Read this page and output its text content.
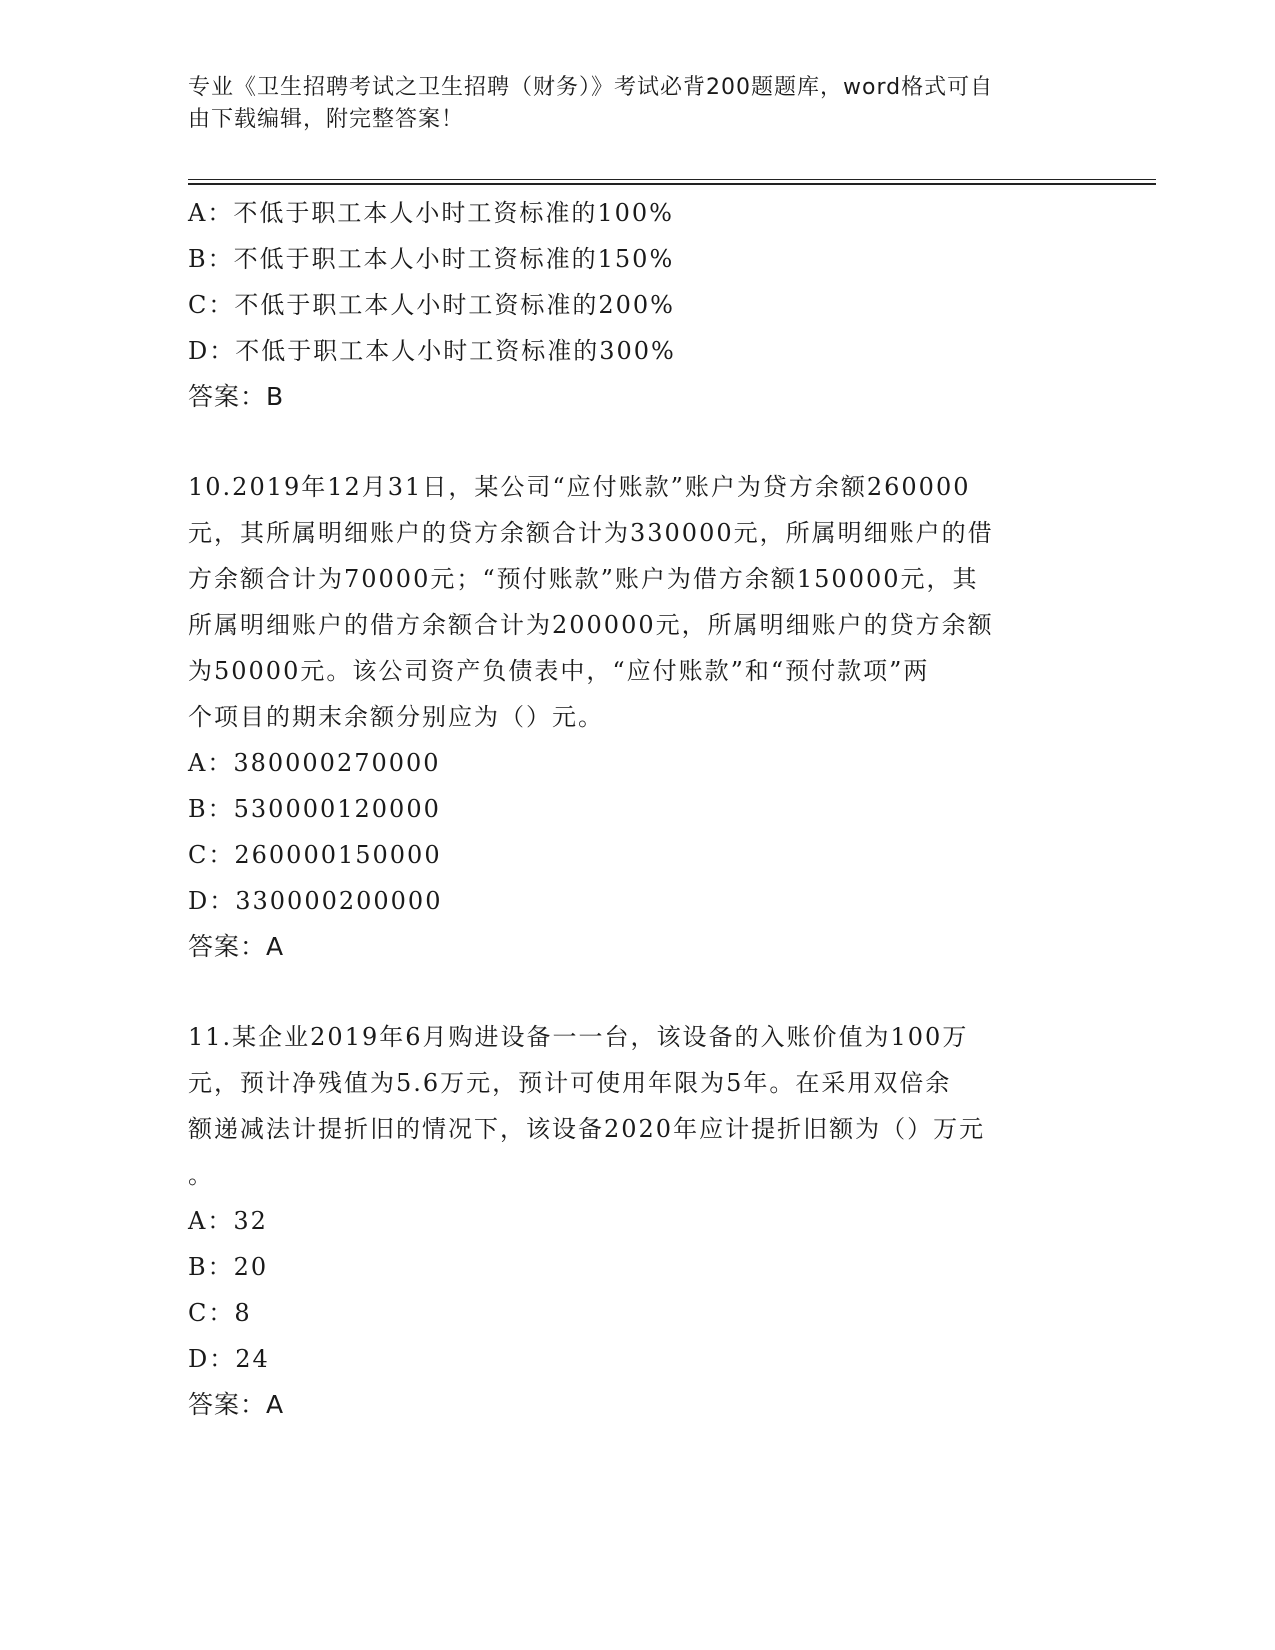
专业《卫生招聘考试之卫生招聘（财务）》考试必背200题题库，word格式可自
由下载编辑，附完整答案！
A：不低于职工本人小时工资标准的100%
B：不低于职工本人小时工资标准的150%
C：不低于职工本人小时工资标准的200%
D：不低于职工本人小时工资标准的300%
答案：B
10.2019年12月31日，某公司“应付账款”账户为贷方余额260000
元，其所属明细账户的贷方余额合计为330000元，所属明细账户的借
方余额合计为70000元；“预付账款”账户为借方余额150000元，其
所属明细账户的借方余额合计为200000元，所属明细账户的贷方余额
为50000元。该公司资产负债表中，“应付账款”和“预付款项”两
个项目的期末余额分别应为（）元。
A：380000270000
B：530000120000
C：260000150000
D：330000200000
答案：A
11.某企业2019年6月购进设备一一台，该设备的入账价值为100万
元，预计净残值为5.6万元，预计可使用年限为5年。在采用双倍余
额递减法计提折旧的情况下，该设备2020年应计提折旧额为（）万元
。
A：32
B：20
C：8
D：24
答案：A
